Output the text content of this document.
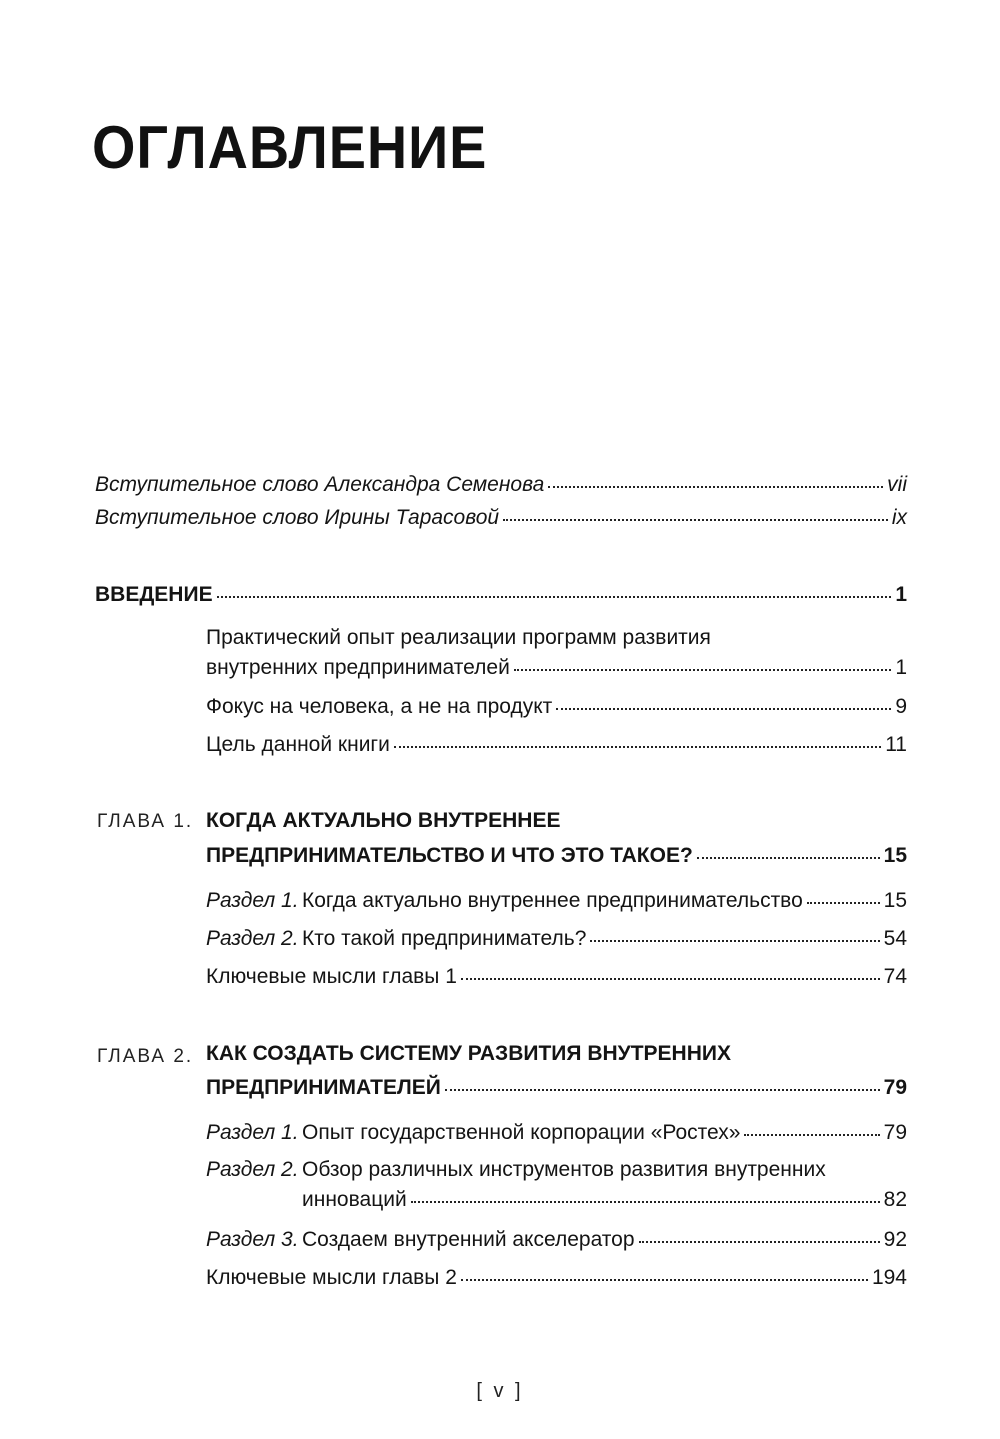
ОГЛАВЛЕНИЕ
Вступительное слово Александра Семенова	vii
Вступительное слово Ирины Тарасовой	ix
ВВЕДЕНИЕ	1
Практический опыт реализации программ развития
внутренних предпринимателей	1
Фокус на человека, а не на продукт	9
Цель данной книги	11
ГЛАВА 1. КОГДА АКТУАЛЬНО ВНУТРЕННЕЕ
ПРЕДПРИНИМАТЕЛЬСТВО И ЧТО ЭТО ТАКОЕ?	15
Раздел 1. Когда актуально внутреннее предпринимательство	15
Раздел 2. Кто такой предприниматель?	54
Ключевые мысли главы 1	74
ГЛАВА 2. КАК СОЗДАТЬ СИСТЕМУ РАЗВИТИЯ ВНУТРЕННИХ
ПРЕДПРИНИМАТЕЛЕЙ	79
Раздел 1. Опыт государственной корпорации «Ростех»	79
Раздел 2. Обзор различных инструментов развития внутренних
инноваций	82
Раздел 3. Создаем внутренний акселератор	92
Ключевые мысли главы 2	194
[ v ]
